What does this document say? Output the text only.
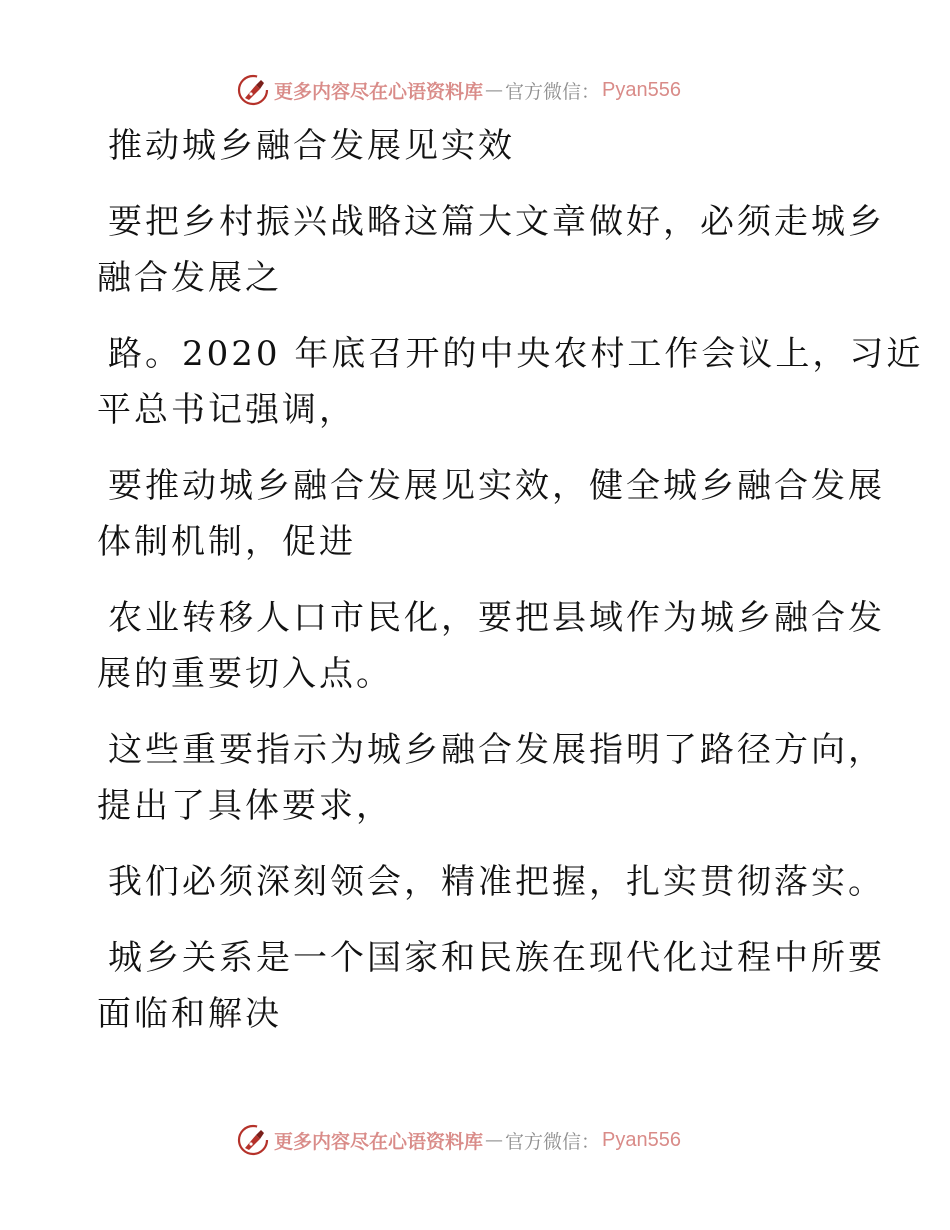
更多内容尽在心语资料库 — 官方微信： Pyan556
推动城乡融合发展见实效
要把乡村振兴战略这篇大文章做好，必须走城乡
融合发展之
路。2020 年底召开的中央农村工作会议上，习近
平总书记强调，
要推动城乡融合发展见实效，健全城乡融合发展
体制机制，促进
农业转移人口市民化，要把县域作为城乡融合发
展的重要切入点。
这些重要指示为城乡融合发展指明了路径方向，
提出了具体要求，
我们必须深刻领会，精准把握，扎实贯彻落实。
城乡关系是一个国家和民族在现代化过程中所要
面临和解决
更多内容尽在心语资料库 — 官方微信： Pyan556
